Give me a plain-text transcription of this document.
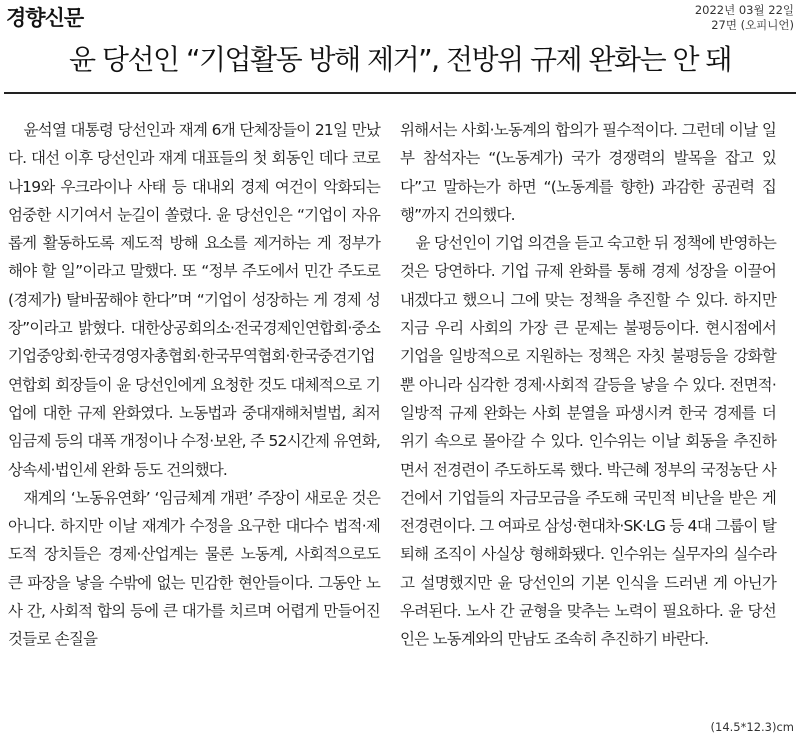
경향신문	2022년 03월 22일
27면 (오피니언)
윤 당선인 “기업활동 방해 제거”, 전방위 규제 완화는 안 돼

윤석열 대통령 당선인과 재계 6개 단체장들이 21일 만났다. 대선 이후 당선인과 재계 대표들의 첫 회동인 데다 코로나19와 우크라이나 사태 등 대내외 경제 여건이 악화되는 엄중한 시기여서 눈길이 쏠렸다. 윤 당선인은 “기업이 자유롭게 활동하도록 제도적 방해 요소를 제거하는 게 정부가 해야 할 일”이라고 말했다. 또 “정부 주도에서 민간 주도로 (경제가) 탈바꿈해야 한다”며 “기업이 성장하는 게 경제 성장”이라고 밝혔다. 대한상공회의소·전국경제인연합회·중소기업중앙회·한국경영자총협회·한국무역협회·한국중견기업연합회 회장들이 윤 당선인에게 요청한 것도 대체적으로 기업에 대한 규제 완화였다. 노동법과 중대재해처벌법, 최저임금제 등의 대폭 개정이나 수정·보완, 주 52시간제 유연화, 상속세·법인세 완화 등도 건의했다.

재계의 ‘노동유연화’ ‘임금체계 개편’ 주장이 새로운 것은 아니다. 하지만 이날 재계가 수정을 요구한 대다수 법적·제도적 장치들은 경제·산업계는 물론 노동계, 사회적으로도 큰 파장을 낳을 수밖에 없는 민감한 현안들이다. 그동안 노사 간, 사회적 합의 등에 큰 대가를 치르며 어렵게 만들어진 것들로 손질을

위해서는 사회·노동계의 합의가 필수적이다. 그런데 이날 일부 참석자는 “(노동계가) 국가 경쟁력의 발목을 잡고 있다”고 말하는가 하면 “(노동계를 향한) 과감한 공권력 집행”까지 건의했다.

윤 당선인이 기업 의견을 듣고 숙고한 뒤 정책에 반영하는 것은 당연하다. 기업 규제 완화를 통해 경제 성장을 이끌어내겠다고 했으니 그에 맞는 정책을 추진할 수 있다. 하지만 지금 우리 사회의 가장 큰 문제는 불평등이다. 현시점에서 기업을 일방적으로 지원하는 정책은 자칫 불평등을 강화할 뿐 아니라 심각한 경제·사회적 갈등을 낳을 수 있다. 전면적·일방적 규제 완화는 사회 분열을 파생시켜 한국 경제를 더 위기 속으로 몰아갈 수 있다. 인수위는 이날 회동을 추진하면서 전경련이 주도하도록 했다. 박근혜 정부의 국정농단 사건에서 기업들의 자금모금을 주도해 국민적 비난을 받은 게 전경련이다. 그 여파로 삼성·현대차·SK·LG 등 4대 그룹이 탈퇴해 조직이 사실상 형해화됐다. 인수위는 실무자의 실수라고 설명했지만 윤 당선인의 기본 인식을 드러낸 게 아닌가 우려된다. 노사 간 균형을 맞추는 노력이 필요하다. 윤 당선인은 노동계와의 만남도 조속히 추진하기 바란다.

(14.5*12.3)cm
